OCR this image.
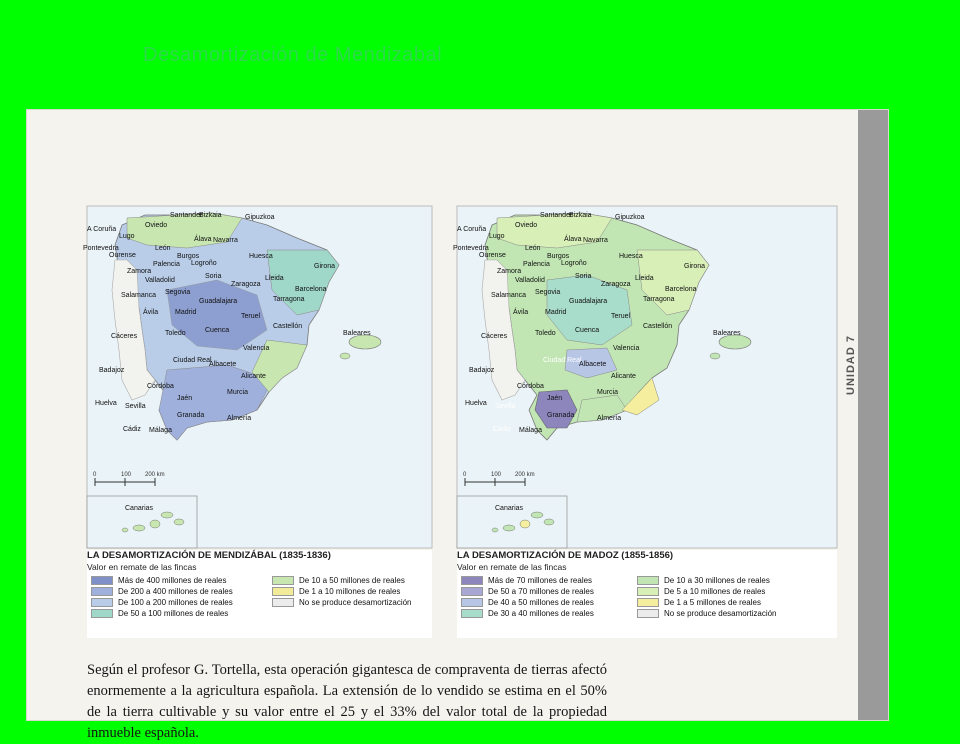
Desamortización de Mendizabal
UNIDAD 7
0	100 200 km
Canarias
Santander
Bizkaia	Gipuzkoa
A Coruña
Oviedo
Lugo
Pontevedra
Ourense
León
Álava Navarra
Huesca
Burgos
Palencia Logroño
Zamora
Valladolid
Soria
Zaragoza
Lleida
Girona
Barcelona
Tarragona
Salamanca Segovia
Guadalajara
Ávila Madrid
Teruel
Castellón
Cáceres	Toledo	Cuenca
Valencia
Baleares
Ciudad Real
Albacete
Badajoz
Alicante
Córdoba
Jaén
Murcia
Huelva Sevilla
Granada	Almería
Cádiz Málaga
0	100 200 km
Canarias
Santander
Bizkaia	Gipuzkoa
A Coruña
Oviedo
Lugo
Pontevedra
Ourense
León
Álava Navarra
Huesca
Burgos
Palencia Logroño
Zamora
Valladolid
Soria
Zaragoza
Lleida
Girona
Barcelona
Tarragona
Salamanca Segovia
Guadalajara
Ávila Madrid
Teruel
Castellón
Cáceres	Toledo	Cuenca
Valencia
Baleares
Ciudad Real
Albacete
Badajoz
Alicante
Córdoba
Jaén
Murcia
Huelva Sevilla
Granada	Almería
Cádiz Málaga
LA DESAMORTIZACIÓN DE MENDIZÁBAL (1835-1836)
Valor en remate de las fincas
Más de 400 millones de reales
De 200 a 400 millones de reales
De 100 a 200 millones de reales
De 50 a 100 millones de reales
De 10 a 50 millones de reales
De 1 a 10 millones de reales
No se produce desamortización
LA DESAMORTIZACIÓN DE MADOZ (1855-1856)
Valor en remate de las fincas
Más de 70 millones de reales
De 50 a 70 millones de reales
De 40 a 50 millones de reales
De 30 a 40 millones de reales
De 10 a 30 millones de reales
De 5 a 10 millones de reales
De 1 a 5 millones de reales
No se produce desamortización
Según el profesor G. Tortella, esta operación gigantesca de compraventa de tierras afectó enormemente a la agricultura española. La extensión de lo vendido se estima en el 50% de la tierra cultivable y su valor entre el 25 y el 33% del valor total de la propiedad inmueble española.
